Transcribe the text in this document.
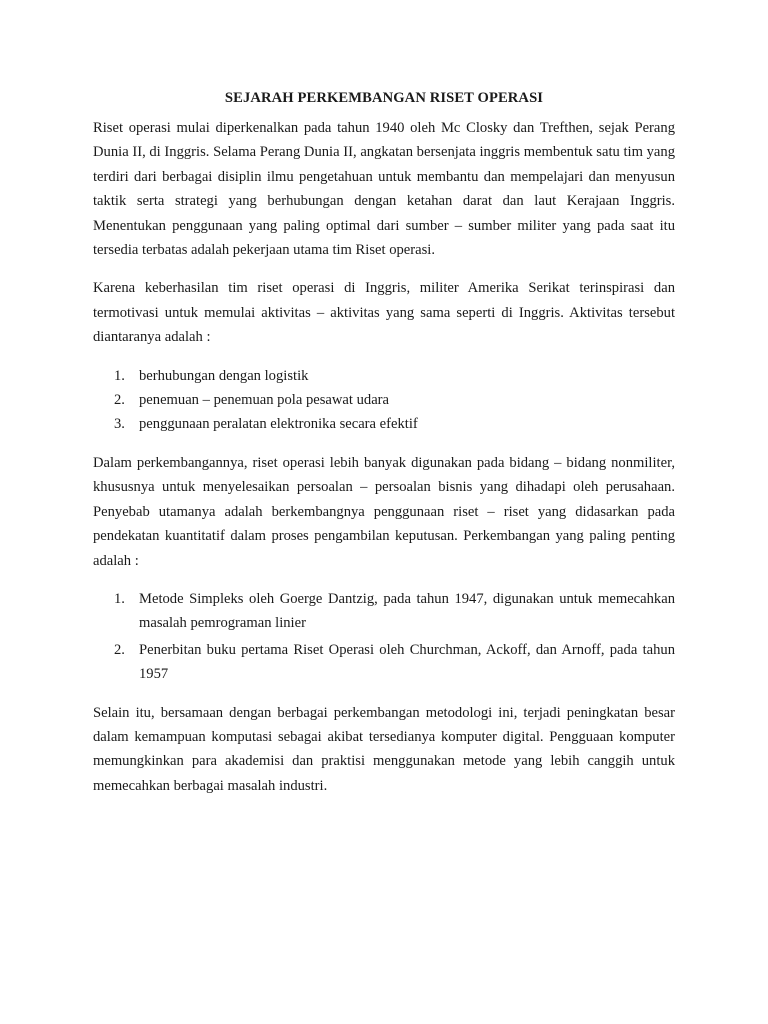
SEJARAH PERKEMBANGAN RISET OPERASI

Riset operasi mulai diperkenalkan pada tahun 1940 oleh Mc Closky dan Trefthen, sejak Perang Dunia II, di Inggris. Selama Perang Dunia II, angkatan bersenjata inggris membentuk satu tim yang terdiri dari berbagai disiplin ilmu pengetahuan untuk membantu dan mempelajari dan menyusun taktik serta strategi yang berhubungan dengan ketahan darat dan laut Kerajaan Inggris. Menentukan penggunaan yang paling optimal dari sumber – sumber militer yang pada saat itu tersedia terbatas adalah pekerjaan utama tim Riset operasi.

Karena keberhasilan tim riset operasi di Inggris, militer Amerika Serikat terinspirasi dan termotivasi untuk memulai aktivitas – aktivitas yang sama seperti di Inggris. Aktivitas tersebut diantaranya adalah :

1. berhubungan dengan logistik
2. penemuan – penemuan pola pesawat udara
3. penggunaan peralatan elektronika secara efektif

Dalam perkembangannya, riset operasi lebih banyak digunakan pada bidang – bidang nonmiliter, khususnya untuk menyelesaikan persoalan – persoalan bisnis yang dihadapi oleh perusahaan. Penyebab utamanya adalah berkembangnya penggunaan riset – riset yang didasarkan pada pendekatan kuantitatif dalam proses pengambilan keputusan. Perkembangan yang paling penting adalah :

1. Metode Simpleks oleh Goerge Dantzig, pada tahun 1947, digunakan untuk memecahkan masalah pemrograman linier
2. Penerbitan buku pertama Riset Operasi oleh Churchman, Ackoff, dan Arnoff, pada tahun 1957

Selain itu, bersamaan dengan berbagai perkembangan metodologi ini, terjadi peningkatan besar dalam kemampuan komputasi sebagai akibat tersedianya komputer digital. Pengguaan komputer memungkinkan para akademisi dan praktisi menggunakan metode yang lebih canggih untuk memecahkan berbagai masalah industri.
